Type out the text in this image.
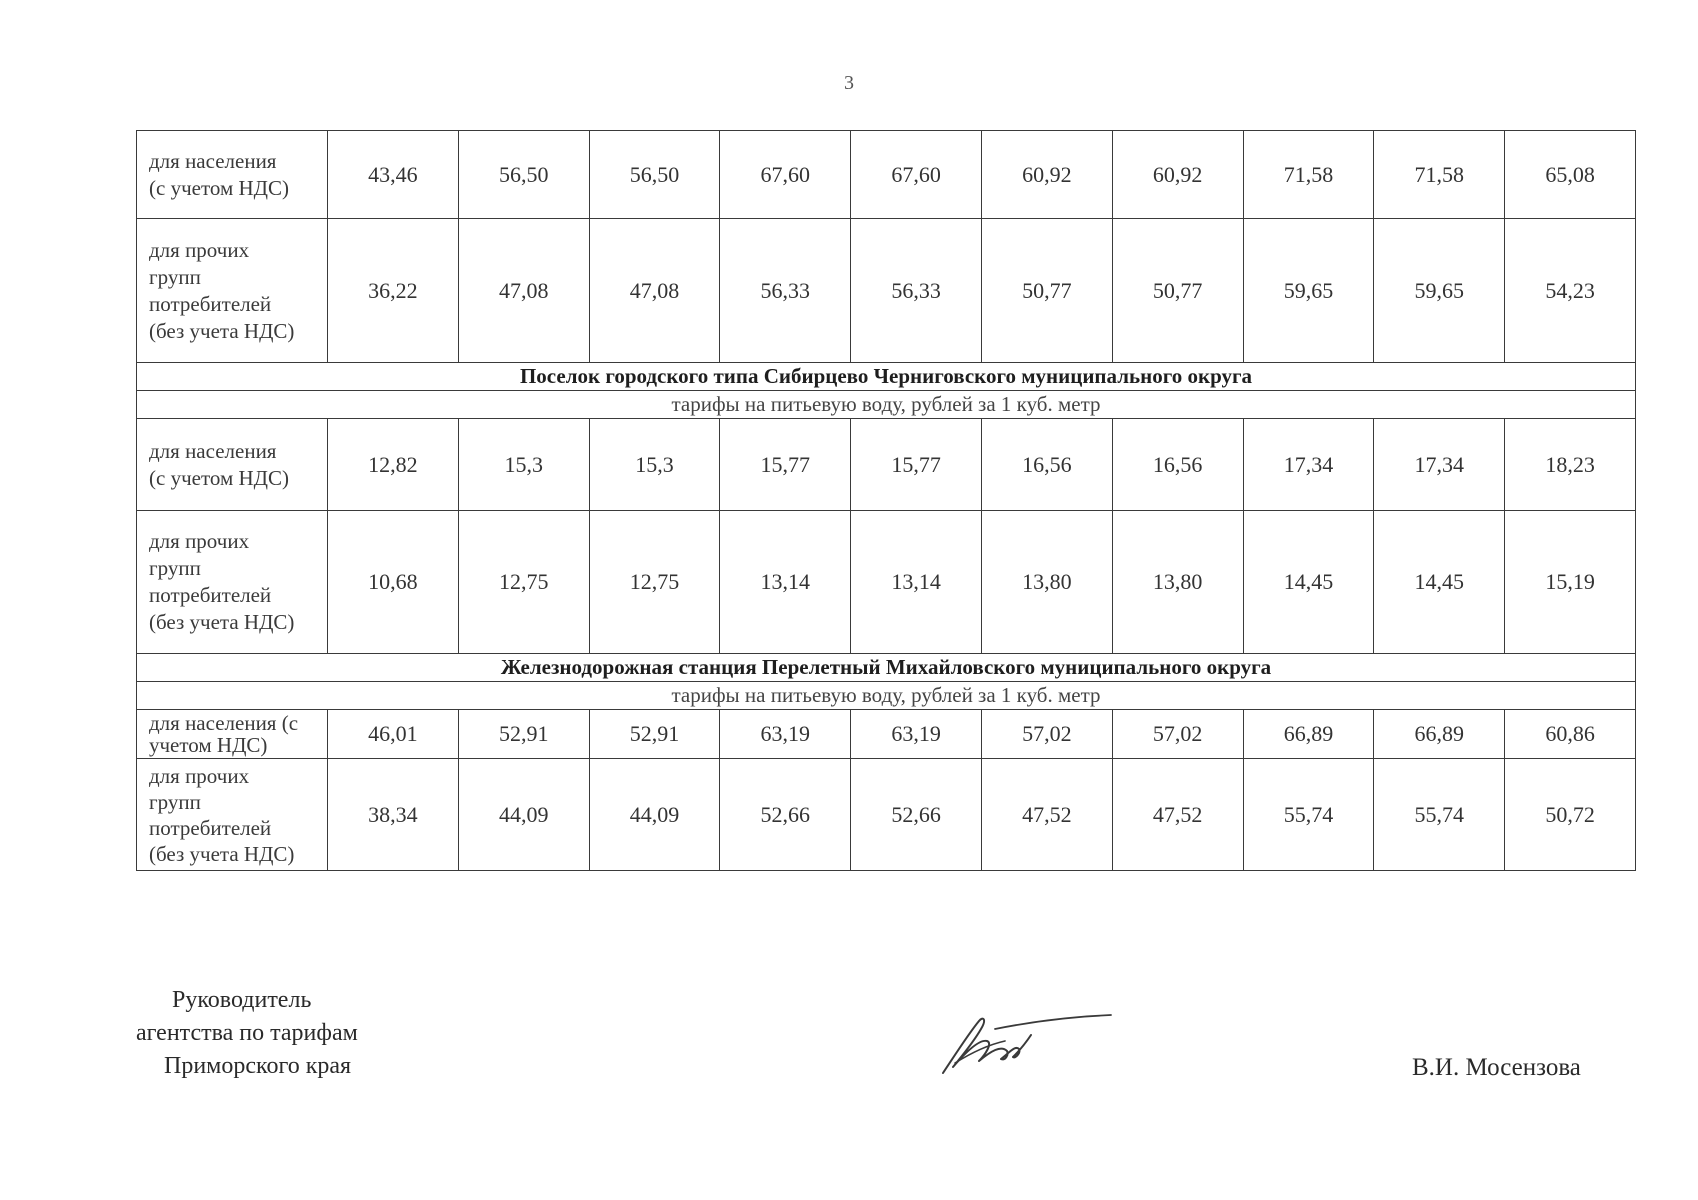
3
для населения
(с учетом НДС)	43,46	56,50	56,50	67,60	67,60	60,92	60,92	71,58	71,58	65,08

для прочих
групп
потребителей
(без учета НДС)	36,22	47,08	47,08	56,33	56,33	50,77	50,77	59,65	59,65	54,23
Поселок городского типа Сибирцево Черниговского муниципального округа										
тарифы на питьевую воду, рублей за 1 куб. метр										

для населения
(с учетом НДС)	12,82	15,3	15,3	15,77	15,77	16,56	16,56	17,34	17,34	18,23

для прочих
групп
потребителей
(без учета НДС)	10,68	12,75	12,75	13,14	13,14	13,80	13,80	14,45	14,45	15,19
Железнодорожная станция Перелетный Михайловского муниципального округа										
тарифы на питьевую воду, рублей за 1 куб. метр										

для населения (с
учетом НДС)	46,01	52,91	52,91	63,19	63,19	57,02	57,02	66,89	66,89	60,86

для прочих
групп
потребителей
(без учета НДС)	38,34	44,09	44,09	52,66	52,66	47,52	47,52	55,74	55,74	50,72
Руководитель
агентства по тарифам
Приморского края	В.И. Мосензова
